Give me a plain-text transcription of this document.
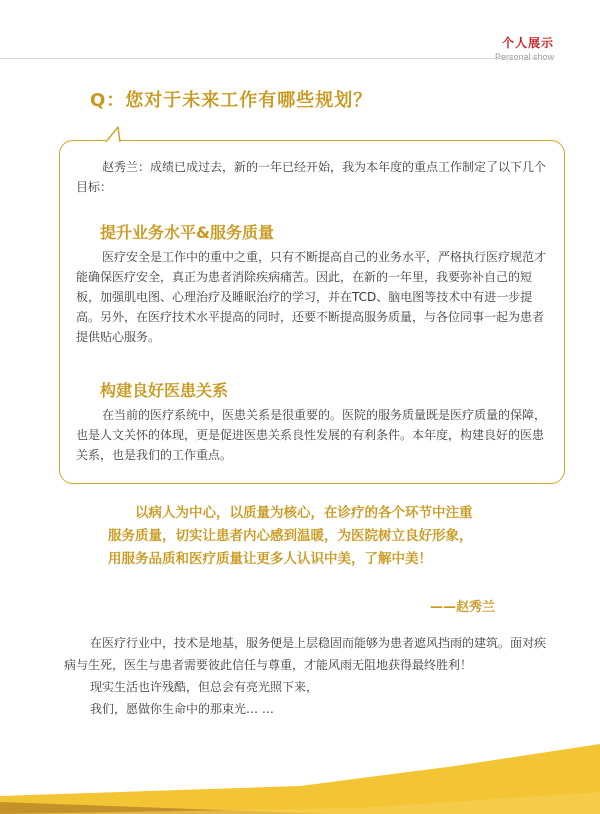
个人展示
Personal show
Q：您对于未来工作有哪些规划？

赵秀兰：成绩已成过去，新的一年已经开始，我为本年度的重点工作制定了以下几个目标：

提升业务水平&服务质量

医疗安全是工作中的重中之重，只有不断提高自己的业务水平，严格执行医疗规范才能确保医疗安全，真正为患者消除疾病痛苦。因此，在新的一年里，我要弥补自己的短板，加强肌电图、心理治疗及睡眠治疗的学习，并在TCD、脑电图等技术中有进一步提高。另外，在医疗技术水平提高的同时，还要不断提高服务质量，与各位同事一起为患者提供贴心服务。

构建良好医患关系

在当前的医疗系统中，医患关系是很重要的。医院的服务质量既是医疗质量的保障，也是人文关怀的体现，更是促进医患关系良性发展的有利条件。本年度，构建良好的医患关系，也是我们的工作重点。

以病人为中心，以质量为核心，在诊疗的各个环节中注重
服务质量，切实让患者内心感到温暖，为医院树立良好形象，
用服务品质和医疗质量让更多人认识中美，了解中美！
——赵秀兰

在医疗行业中，技术是地基，服务便是上层稳固而能够为患者遮风挡雨的建筑。面对疾病与生死，医生与患者需要彼此信任与尊重，才能风雨无阻地获得最终胜利！

现实生活也许残酷，但总会有亮光照下来，

我们，愿做你生命中的那束光… …
